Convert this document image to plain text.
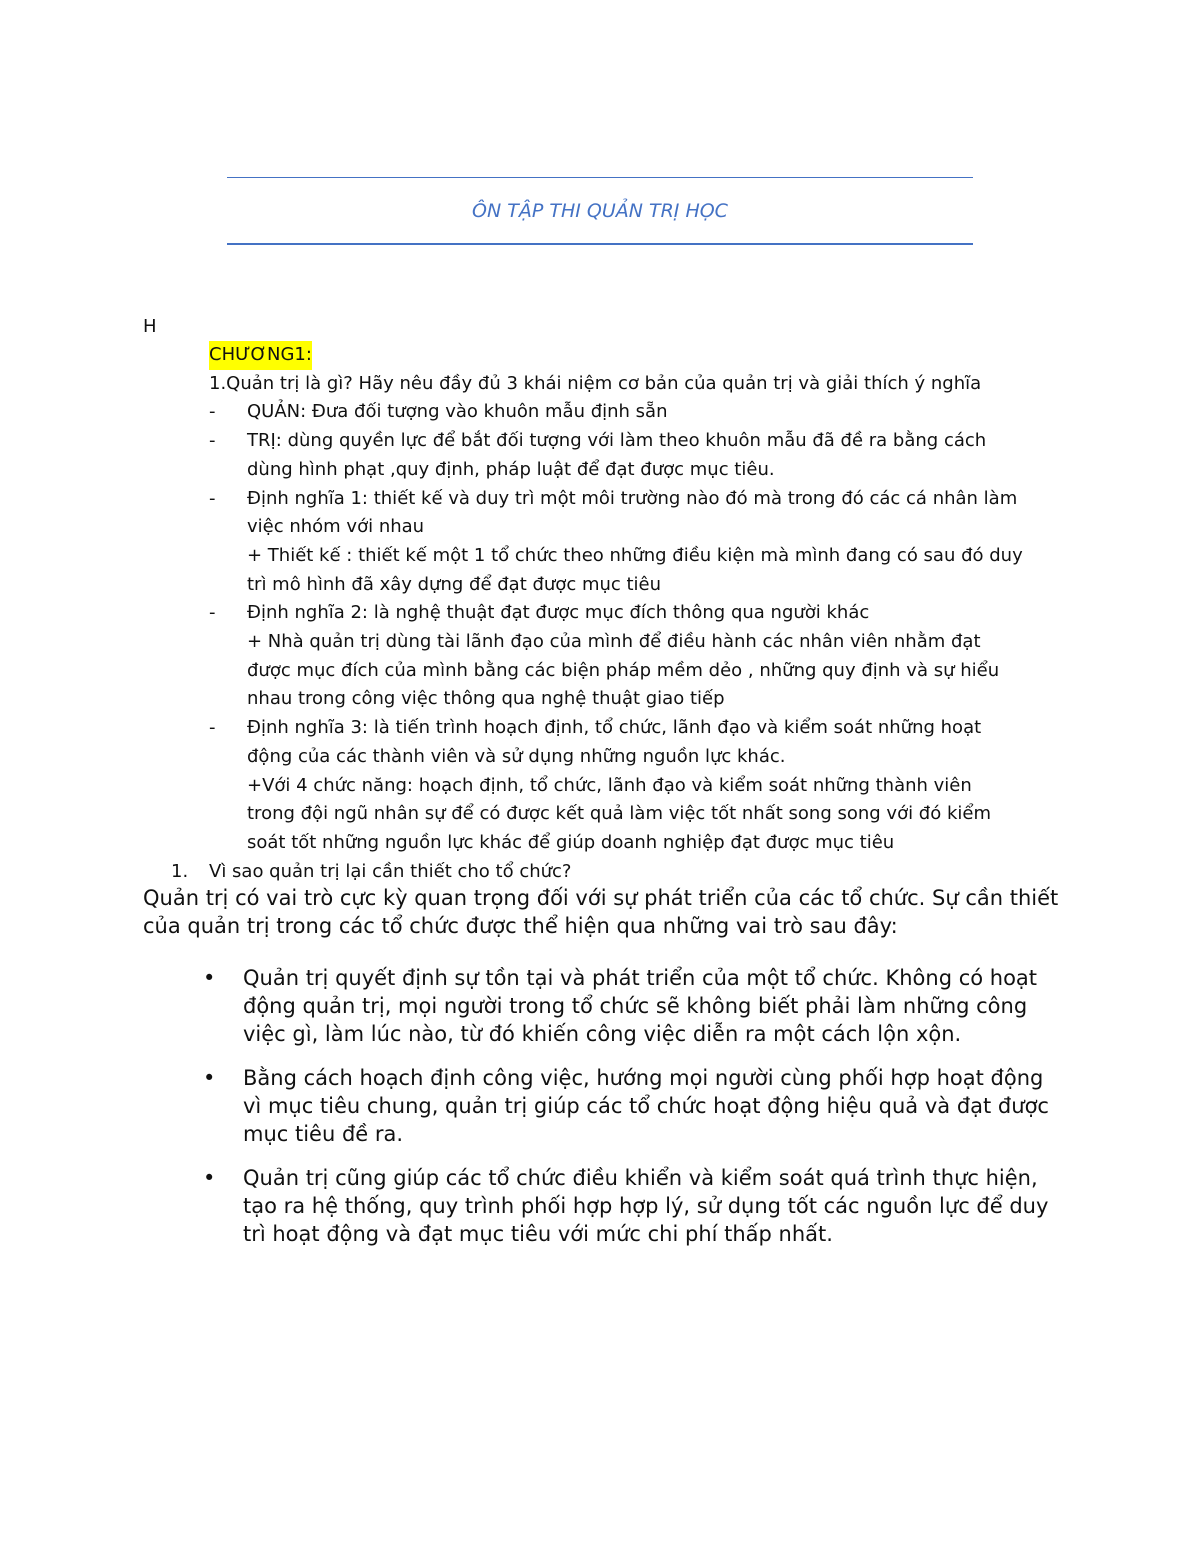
ÔN TẬP THI QUẢN TRỊ HỌC
H
CHƯƠNG1:
1.Quản trị là gì? Hãy nêu đầy đủ 3 khái niệm cơ bản của quản trị và giải thích ý nghĩa
- QUẢN: Đưa đối tượng vào khuôn mẫu định sẵn
- TRỊ: dùng quyền lực để bắt đối tượng với làm theo khuôn mẫu đã đề ra bằng cách
dùng hình phạt ,quy định, pháp luật để đạt được mục tiêu.
- Định nghĩa 1: thiết kế và duy trì một môi trường nào đó mà trong đó các cá nhân làm
việc nhóm với nhau
+ Thiết kế : thiết kế một 1 tổ chức theo những điều kiện mà mình đang có sau đó duy
trì mô hình đã xây dựng để đạt được mục tiêu
- Định nghĩa 2: là nghệ thuật đạt được mục đích thông qua người khác
+ Nhà quản trị dùng tài lãnh đạo của mình để điều hành các nhân viên nhằm đạt
được mục đích của mình bằng các biện pháp mềm dẻo , những quy định và sự hiểu
nhau trong công việc thông qua nghệ thuật giao tiếp
- Định nghĩa 3: là tiến trình hoạch định, tổ chức, lãnh đạo và kiểm soát những hoạt
động của các thành viên và sử dụng những nguồn lực khác.
+Với 4 chức năng: hoạch định, tổ chức, lãnh đạo và kiểm soát những thành viên
trong đội ngũ nhân sự để có được kết quả làm việc tốt nhất song song với đó kiểm
soát tốt những nguồn lực khác để giúp doanh nghiệp đạt được mục tiêu
1. Vì sao quản trị lại cần thiết cho tổ chức?
Quản trị có vai trò cực kỳ quan trọng đối với sự phát triển của các tổ chức. Sự cần thiết của quản trị trong các tổ chức được thể hiện qua những vai trò sau đây:
• Quản trị quyết định sự tồn tại và phát triển của một tổ chức. Không có hoạt động quản trị, mọi người trong tổ chức sẽ không biết phải làm những công việc gì, làm lúc nào, từ đó khiến công việc diễn ra một cách lộn xộn.
• Bằng cách hoạch định công việc, hướng mọi người cùng phối hợp hoạt động vì mục tiêu chung, quản trị giúp các tổ chức hoạt động hiệu quả và đạt được mục tiêu đề ra.
• Quản trị cũng giúp các tổ chức điều khiển và kiểm soát quá trình thực hiện, tạo ra hệ thống, quy trình phối hợp hợp lý, sử dụng tốt các nguồn lực để duy trì hoạt động và đạt mục tiêu với mức chi phí thấp nhất.
